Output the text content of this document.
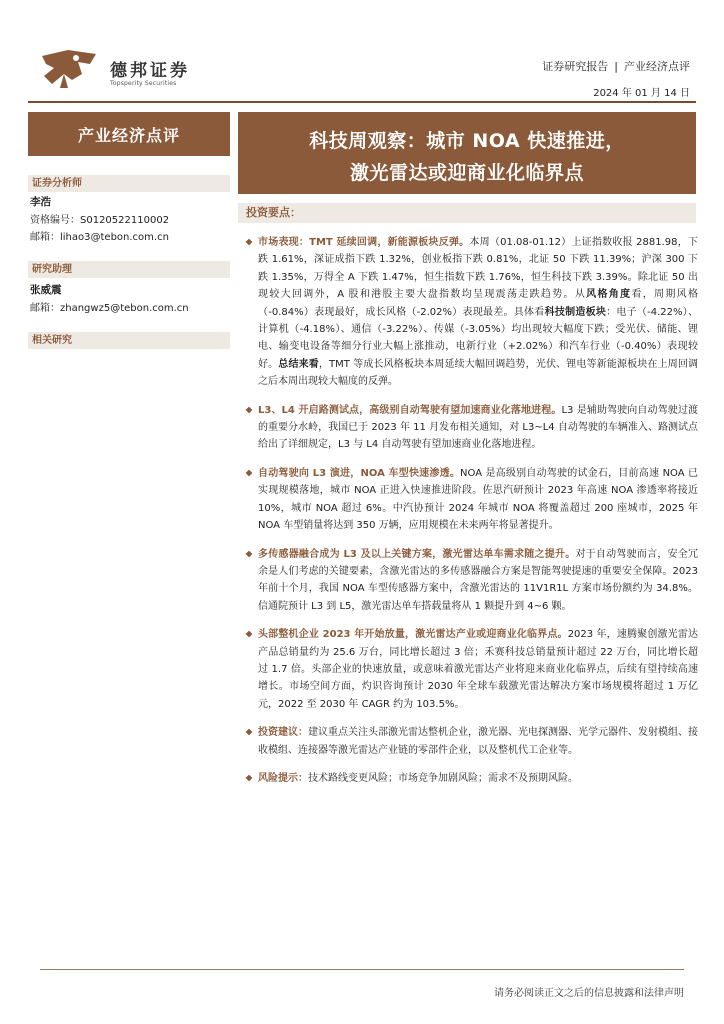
德邦证券
Topsperity Securities
证券研究报告 | 产业经济点评
2024 年 01 月 14 日
产业经济点评
证券分析师
李浩
资格编号：S0120522110002
邮箱：lihao3@tebon.com.cn
研究助理
张威震
邮箱：zhangwz5@tebon.com.cn
相关研究
科技周观察：城市 NOA 快速推进，
激光雷达或迎商业化临界点
投资要点：
市场表现：TMT 延续回调，新能源板块反弹。本周（01.08-01.12）上证指数收报 2881.98，下跌 1.61%，深证成指下跌 1.32%，创业板指下跌 0.81%，北证 50 下跌 11.39%；沪深 300 下跌 1.35%，万得全 A 下跌 1.47%，恒生指数下跌 1.76%，恒生科技下跌 3.39%。除北证 50 出现较大回调外，A 股和港股主要大盘指数均呈现震荡走跌趋势。从风格角度看，周期风格（-0.84%）表现最好，成长风格（-2.02%）表现最差。具体看科技制造板块：电子（-4.22%）、计算机（-4.18%）、通信（-3.22%）、传媒（-3.05%）均出现较大幅度下跌；受光伏、储能、锂电、输变电设备等细分行业大幅上涨推动，电新行业（+2.02%）和汽车行业（-0.40%）表现较好。总结来看，TMT 等成长风格板块本周延续大幅回调趋势，光伏、锂电等新能源板块在上周回调之后本周出现较大幅度的反弹。
L3、L4 开启路测试点，高级别自动驾驶有望加速商业化落地进程。L3 是辅助驾驶向自动驾驶过渡的重要分水岭，我国已于 2023 年 11 月发布相关通知，对 L3~L4 自动驾驶的车辆准入、路测试点给出了详细规定，L3 与 L4 自动驾驶有望加速商业化落地进程。
自动驾驶向 L3 演进，NOA 车型快速渗透。NOA 是高级别自动驾驶的试金石，目前高速 NOA 已实现规模落地，城市 NOA 正进入快速推进阶段。佐思汽研预计 2023 年高速 NOA 渗透率将接近 10%，城市 NOA 超过 6%。中汽协预计 2024 年城市 NOA 将覆盖超过 200 座城市，2025 年 NOA 车型销量将达到 350 万辆，应用规模在未来两年将显著提升。
多传感器融合成为 L3 及以上关键方案，激光雷达单车需求随之提升。对于自动驾驶而言，安全冗余是人们考虑的关键要素，含激光雷达的多传感器融合方案是智能驾驶提速的重要安全保障。2023 年前十个月，我国 NOA 车型传感器方案中，含激光雷达的 11V1R1L 方案市场份额约为 34.8%。信通院预计 L3 到 L5，激光雷达单车搭载量将从 1 颗提升到 4~6 颗。
头部整机企业 2023 年开始放量，激光雷达产业或迎商业化临界点。2023 年，速腾聚创激光雷达产品总销量约为 25.6 万台，同比增长超过 3 倍；禾赛科技总销量预计超过 22 万台，同比增长超过 1.7 倍。头部企业的快速放量，或意味着激光雷达产业将迎来商业化临界点，后续有望持续高速增长。市场空间方面，灼识咨询预计 2030 年全球车载激光雷达解决方案市场规模将超过 1 万亿元，2022 至 2030 年 CAGR 约为 103.5%。
投资建议：建议重点关注头部激光雷达整机企业，激光器、光电探测器、光学元器件、发射模组、接收模组、连接器等激光雷达产业链的零部件企业，以及整机代工企业等。
风险提示：技术路线变更风险；市场竞争加剧风险；需求不及预期风险。
请务必阅读正文之后的信息披露和法律声明
